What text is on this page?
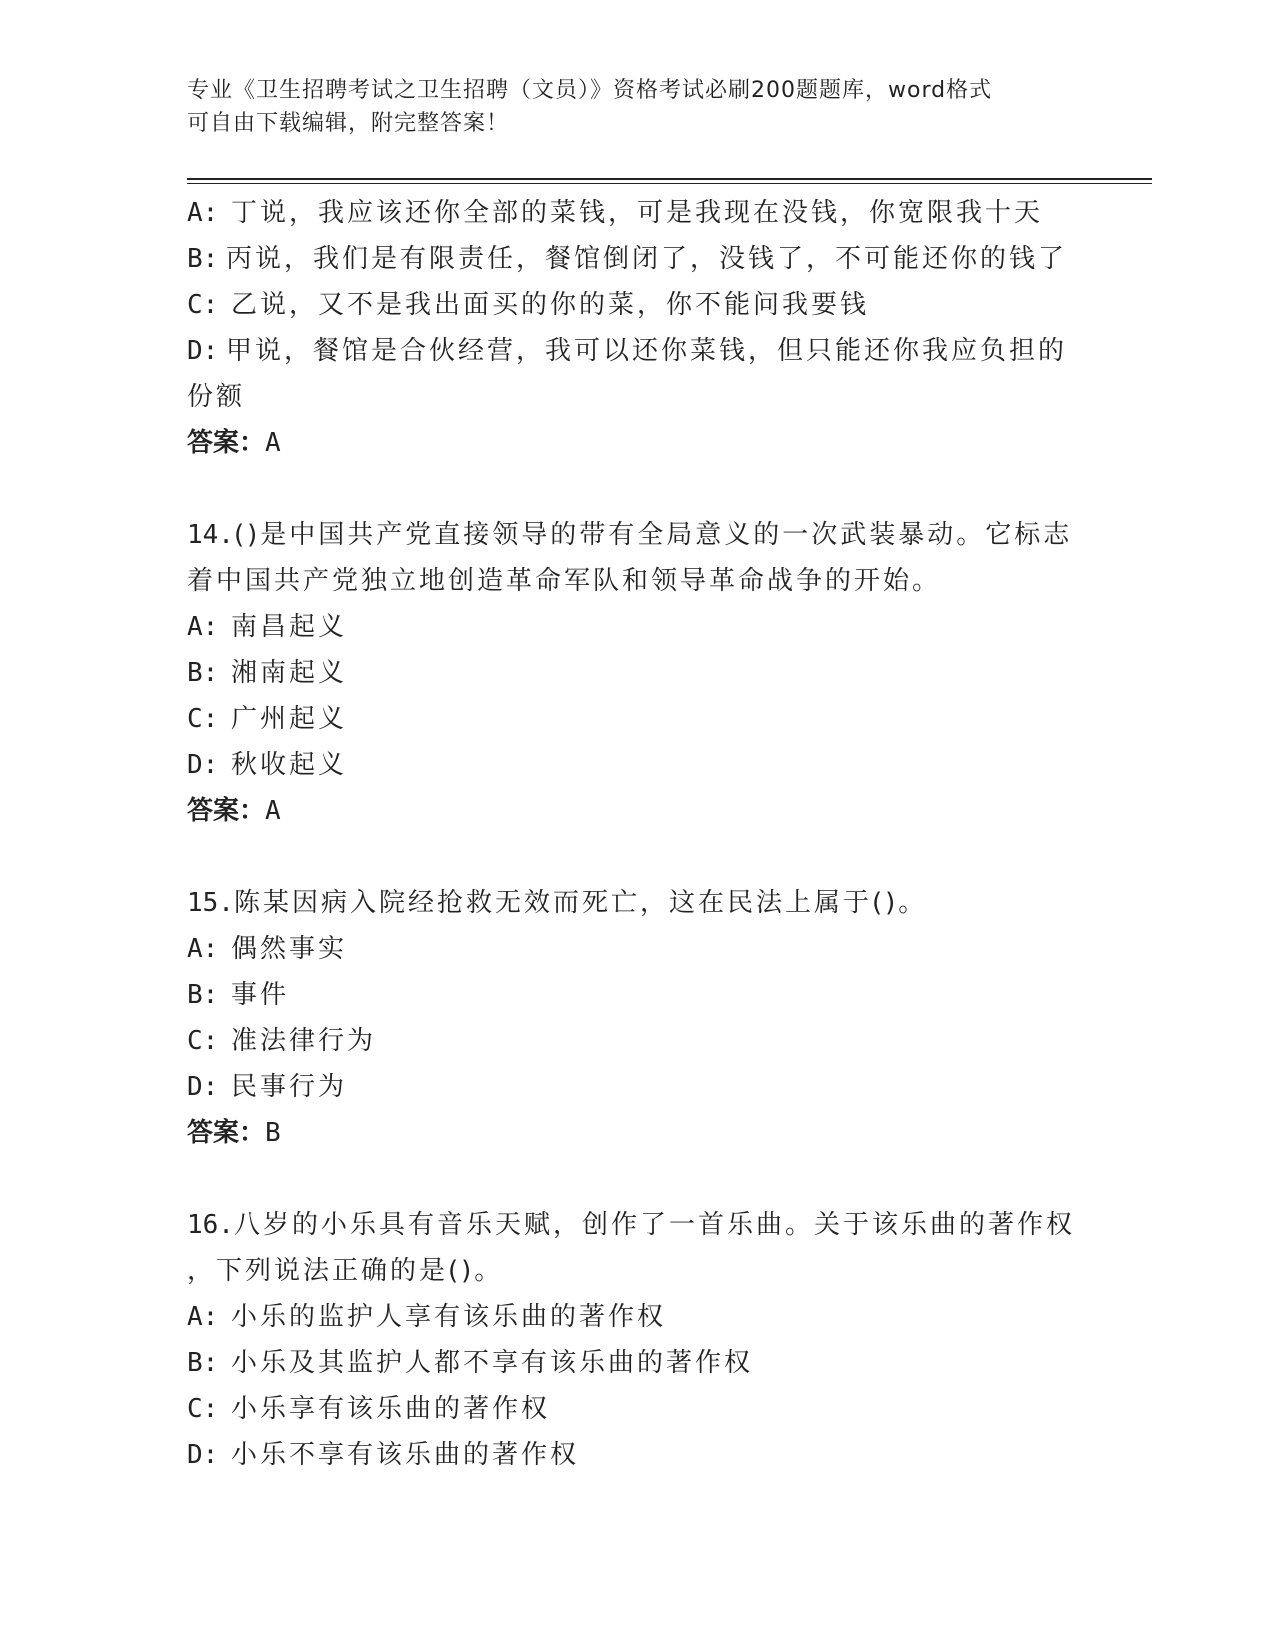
专业《卫生招聘考试之卫生招聘（文员）》资格考试必刷200题题库，word格式
可自由下载编辑，附完整答案！
A: 丁说，我应该还你全部的菜钱，可是我现在没钱，你宽限我十天
B: 丙说，我们是有限责任，餐馆倒闭了，没钱了，不可能还你的钱了
C: 乙说，又不是我出面买的你的菜，你不能问我要钱
D: 甲说，餐馆是合伙经营，我可以还你菜钱，但只能还你我应负担的
份额
答案：A
14.()是中国共产党直接领导的带有全局意义的一次武装暴动。它标志
着中国共产党独立地创造革命军队和领导革命战争的开始。
A: 南昌起义
B: 湘南起义
C: 广州起义
D: 秋收起义
答案：A
15.陈某因病入院经抢救无效而死亡，这在民法上属于()。
A: 偶然事实
B: 事件
C: 准法律行为
D: 民事行为
答案：B
16.八岁的小乐具有音乐天赋，创作了一首乐曲。关于该乐曲的著作权
，下列说法正确的是()。
A: 小乐的监护人享有该乐曲的著作权
B: 小乐及其监护人都不享有该乐曲的著作权
C: 小乐享有该乐曲的著作权
D: 小乐不享有该乐曲的著作权
